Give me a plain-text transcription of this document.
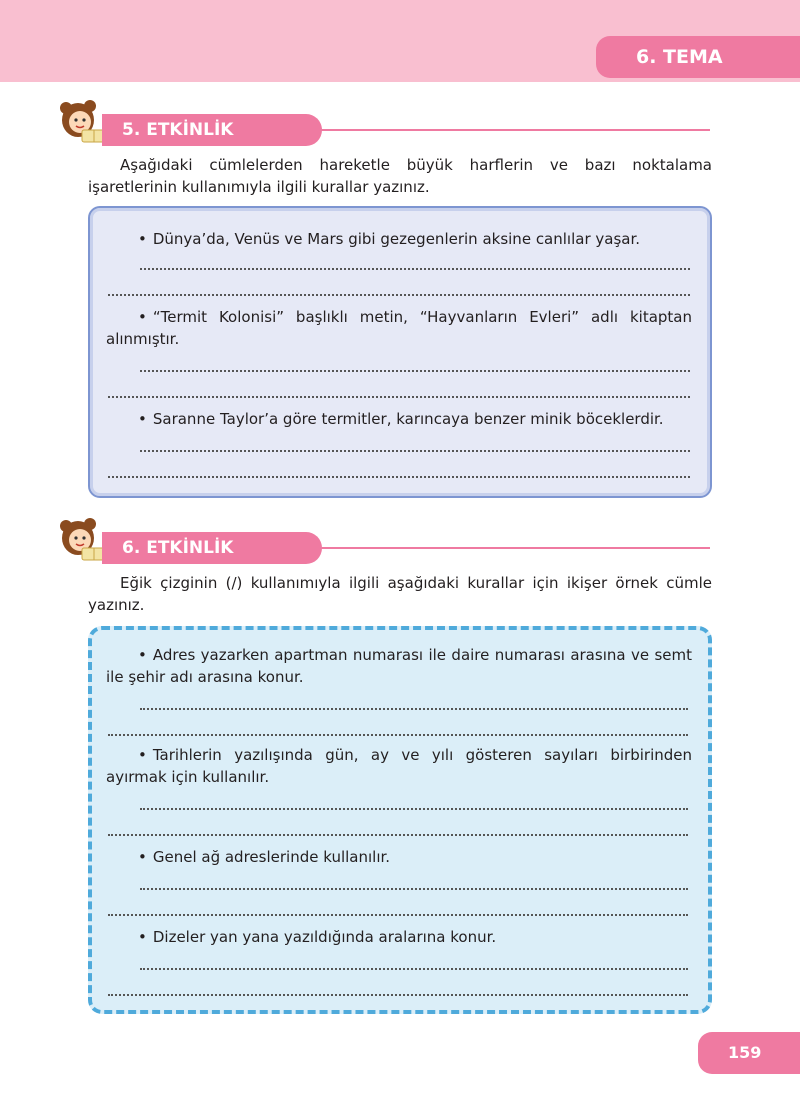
6. TEMA
5. ETKİNLİK

Aşağıdaki cümlelerden hareketle büyük harflerin ve bazı noktalama işaretlerinin kullanımıyla ilgili kurallar yazınız.

• Dünya’da, Venüs ve Mars gibi gezegenlerin aksine canlılar yaşar.

• “Termit Kolonisi” başlıklı metin, “Hayvanların Evleri” adlı kitaptan alınmıştır.

• Saranne Taylor’a göre termitler, karıncaya benzer minik böceklerdir.

6. ETKİNLİK

Eğik çizginin (/) kullanımıyla ilgili aşağıdaki kurallar için ikişer örnek cümle yazınız.

• Adres yazarken apartman numarası ile daire numarası arasına ve semt ile şehir adı arasına konur.

• Tarihlerin yazılışında gün, ay ve yılı gösteren sayıları birbirinden ayırmak için kullanılır.

• Genel ağ adreslerinde kullanılır.

• Dizeler yan yana yazıldığında aralarına konur.

159
